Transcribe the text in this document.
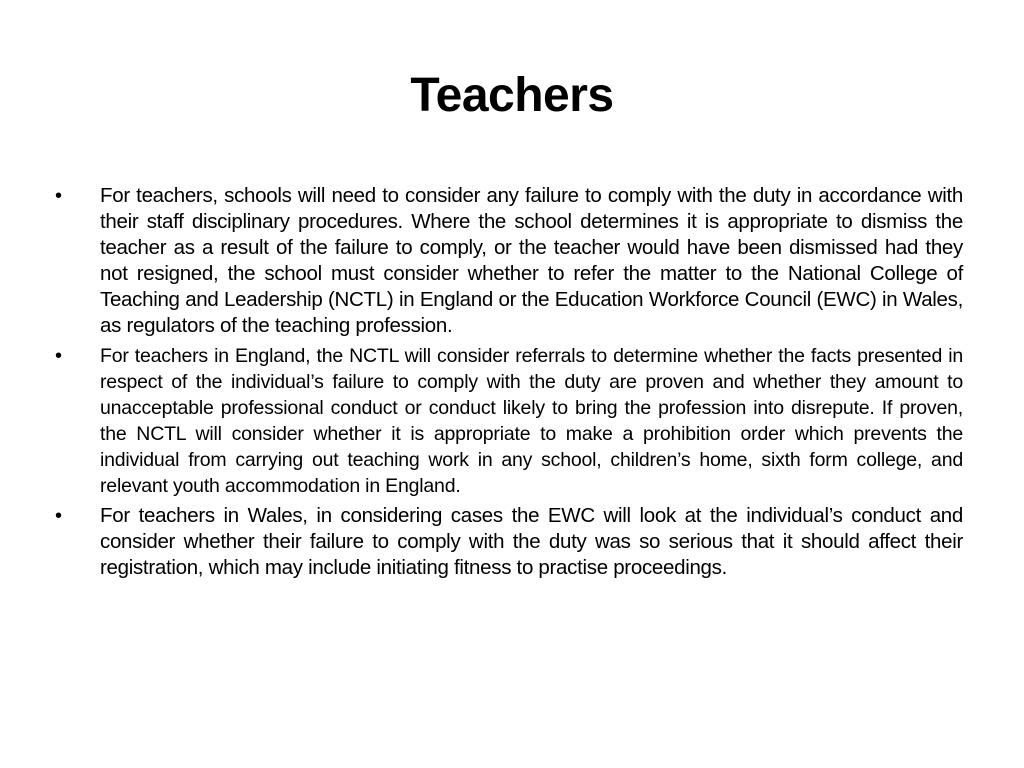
Teachers
•	For teachers, schools will need to consider any failure to comply with the duty in accordance with their staff disciplinary procedures. Where the school determines it is appropriate to dismiss the teacher as a result of the failure to comply, or the teacher would have been dismissed had they not resigned, the school must consider whether to refer the matter to the National College of Teaching and Leadership (NCTL) in England or the Education Workforce Council (EWC) in Wales, as regulators of the teaching profession.
•	For teachers in England, the NCTL will consider referrals to determine whether the facts presented in respect of the individual’s failure to comply with the duty are proven and whether they amount to unacceptable professional conduct or conduct likely to bring the profession into disrepute. If proven, the NCTL will consider whether it is appropriate to make a prohibition order which prevents the individual from carrying out teaching work in any school, children’s home, sixth form college, and relevant youth accommodation in England.
•	For teachers in Wales, in considering cases the EWC will look at the individual’s conduct and consider whether their failure to comply with the duty was so serious that it should affect their registration, which may include initiating fitness to practise proceedings.
